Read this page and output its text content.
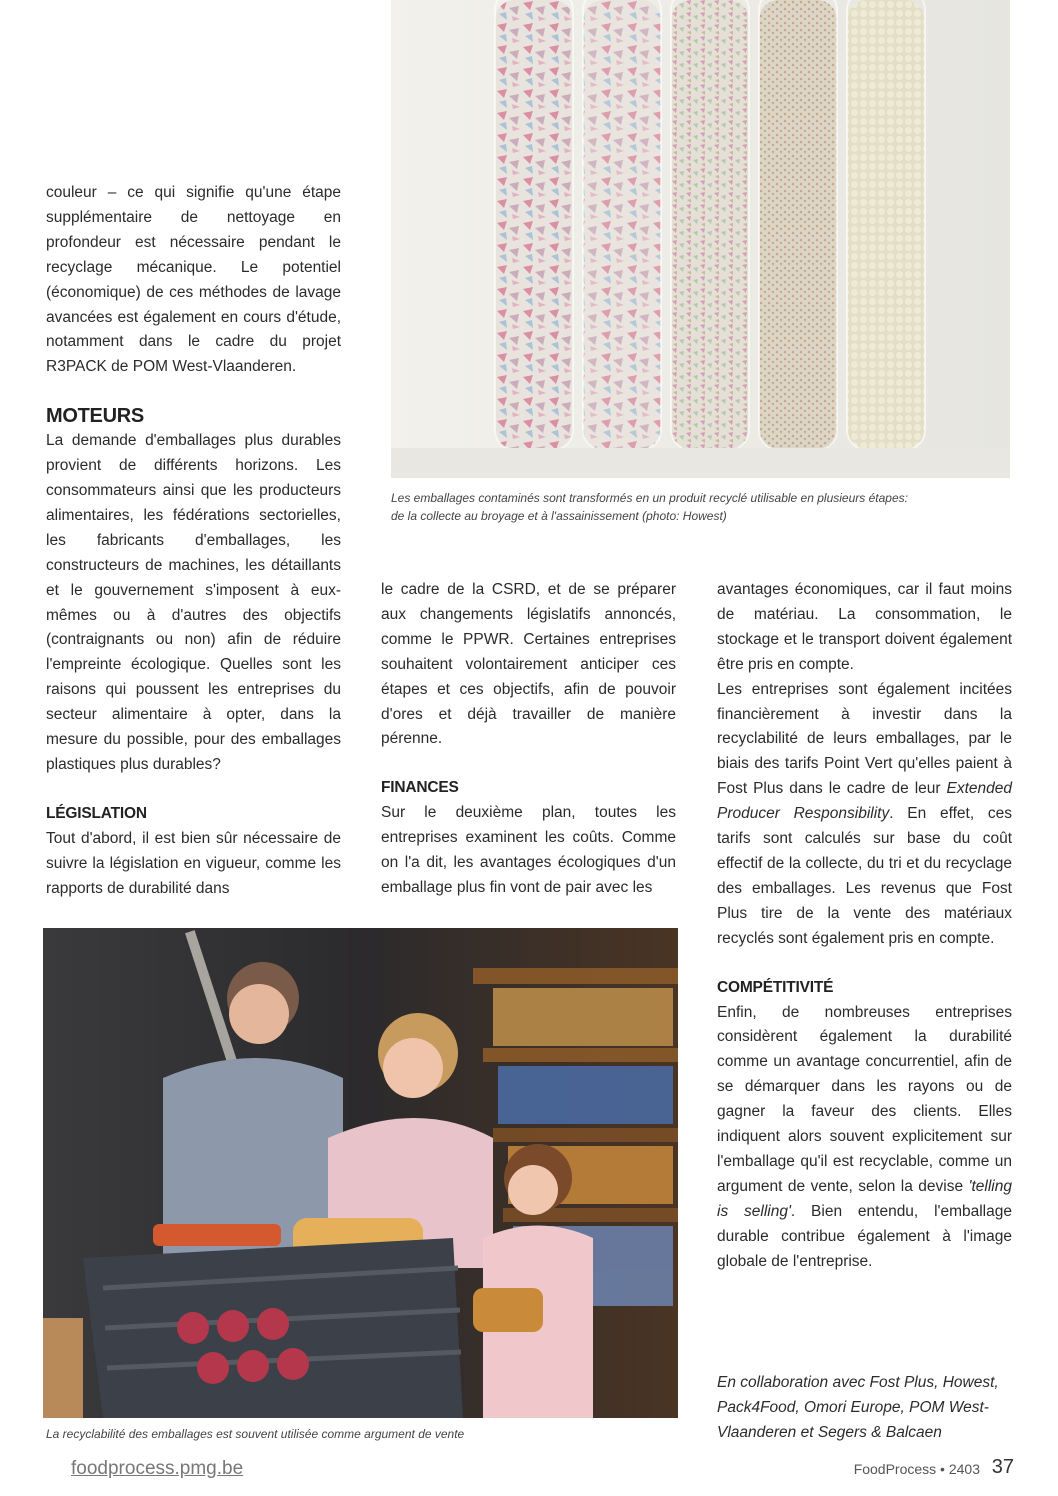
Les emballages contaminés sont transformés en un produit recyclé utilisable en plusieurs étapes:
de la collecte au broyage et à l'assainissement (photo: Howest)

couleur – ce qui signifie qu'une étape supplémentaire de nettoyage en profondeur est nécessaire pendant le recyclage mécanique. Le potentiel (économique) de ces méthodes de lavage avancées est également en cours d'étude, notamment dans le cadre du projet R3PACK de POM West-Vlaanderen.

MOTEURS

La demande d'emballages plus durables provient de différents horizons. Les consommateurs ainsi que les producteurs alimentaires, les fédérations sectorielles, les fabricants d'emballages, les constructeurs de machines, les détaillants et le gouvernement s'imposent à eux-mêmes ou à d'autres des objectifs (contraignants ou non) afin de réduire l'empreinte écologique. Quelles sont les raisons qui poussent les entreprises du secteur alimentaire à opter, dans la mesure du possible, pour des emballages plastiques plus durables?

LÉGISLATION

Tout d'abord, il est bien sûr nécessaire de suivre la législation en vigueur, comme les rapports de durabilité dans

le cadre de la CSRD, et de se préparer aux changements législatifs annoncés, comme le PPWR. Certaines entreprises souhaitent volontairement anticiper ces étapes et ces objectifs, afin de pouvoir d'ores et déjà travailler de manière pérenne.

FINANCES

Sur le deuxième plan, toutes les entreprises examinent les coûts. Comme on l'a dit, les avantages écologiques d'un emballage plus fin vont de pair avec les

avantages économiques, car il faut moins de matériau. La consommation, le stockage et le transport doivent également être pris en compte.

Les entreprises sont également incitées financièrement à investir dans la recyclabilité de leurs emballages, par le biais des tarifs Point Vert qu'elles paient à Fost Plus dans le cadre de leur Extended Producer Responsibility. En effet, ces tarifs sont calculés sur base du coût effectif de la collecte, du tri et du recyclage des emballages. Les revenus que Fost Plus tire de la vente des matériaux recyclés sont également pris en compte.

COMPÉTITIVITÉ

Enfin, de nombreuses entreprises considèrent également la durabilité comme un avantage concurrentiel, afin de se démarquer dans les rayons ou de gagner la faveur des clients. Elles indiquent alors souvent explicitement sur l'emballage qu'il est recyclable, comme un argument de vente, selon la devise 'telling is selling'. Bien entendu, l'emballage durable contribue également à l'image globale de l'entreprise.

En collaboration avec Fost Plus, Howest, Pack4Food, Omori Europe, POM West-Vlaanderen et Segers & Balcaen

La recyclabilité des emballages est souvent utilisée comme argument de vente
foodprocess.pmg.be	FoodProcess • 2403 37
